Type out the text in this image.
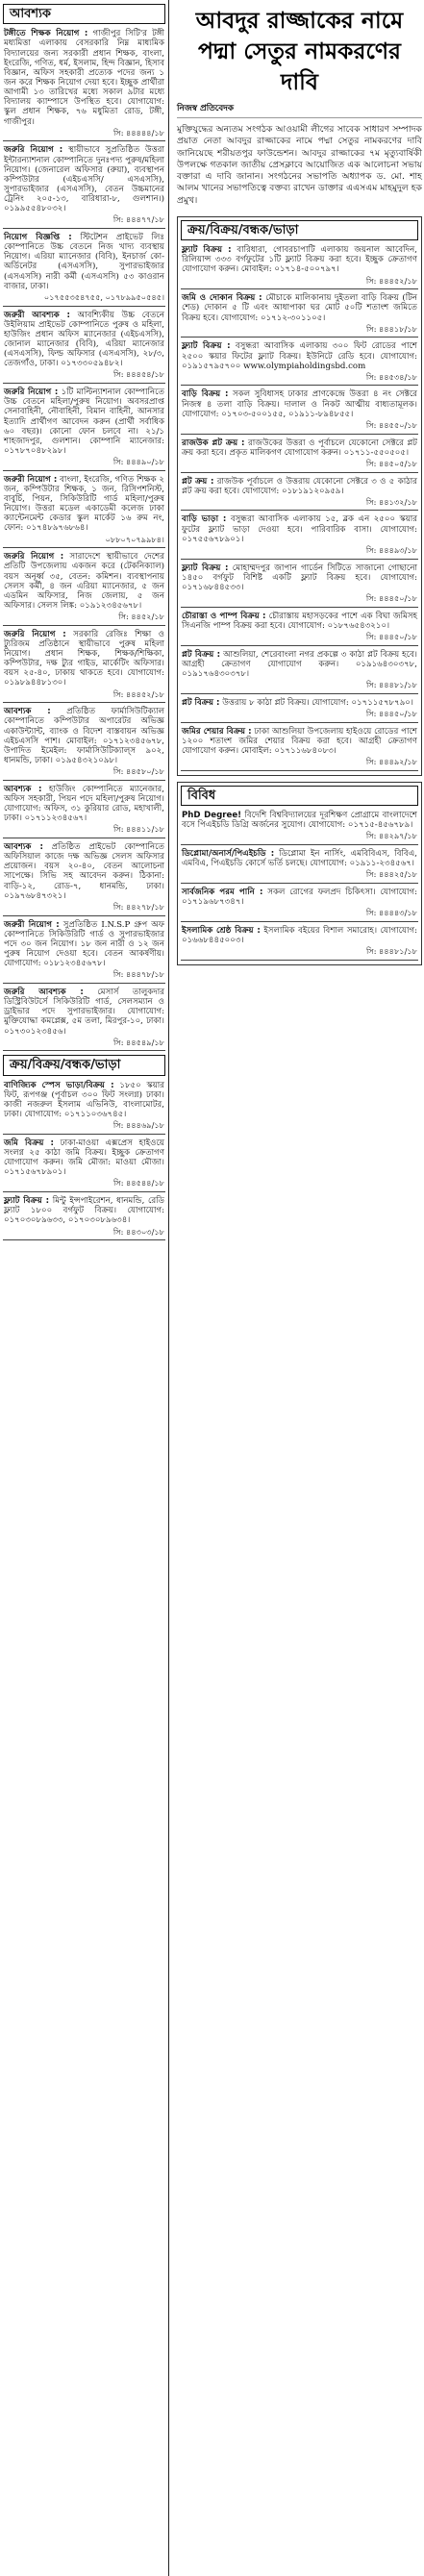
আবশ্যক
টঙ্গীতে শিক্ষক নিয়োগ : গাজীপুর সিটি'র টঙ্গী মধ্যমিত্তা এলাকায় বেসরকারি নিম্ন মাধ্যমিক বিদ্যালয়ের জন্য সরকারী প্রধান শিক্ষক, বাংলা, ইংরেজি, গণিত, ধর্ম, ইসলাম, হিন্দ বিজ্ঞান, হিসাব বিজ্ঞান, অফিস সহকারী প্রত্যেক পদের জন্য ১ জন করে শিক্ষক নিয়োগ দেয়া হবে। ইচ্ছুক প্রার্থীরা আগামী ১৩ তারিখের মধ্যে সকাল ৯টার মধ্যে বিদ্যালয় ক্যাম্পাসে উপস্থিত হবে। যোগাযোগ: স্কুল প্রধান শিক্ষক, ৭৬ মধুমিতা রোড, টঙ্গী, গাজীপুর।
সি: ৪৪৪৪৪/১৮
জরুরি নিয়োগ : স্থায়ীভাবে সুপ্রতিষ্ঠিত উত্তরা ইন্টারন্যাশনাল কোম্পানিতে দুনঃপদ্য পুরুষ/মহিলা নিয়োগ। (জেনারেল অফিসার (রুয়া), ব্যবস্থাপন কম্পিউটার (এইচএসসি/ এসএসসি), সুপারভাইজার (এসএসসি), বেতন উচ্চমানের ট্রেনিং ২০৫-১৩, বারিধারা-৮, গুলশান।) ০১৯৯৫৫৪৮০৩২।
সি: ৪৪৪৭৭/১৮
নিয়োগ বিজ্ঞপ্তি : স্টিটেশন প্রাইভেট লিঃ কোম্পানিতে উচ্চ বেতনে নিজ খাদ্য ব্যবস্থায় নিয়োগ। এরিয়া ম্যানেজার (বিবি), ইনচার্জ কো-অর্ডিনেটর (এসএসসি), সুপারভাইজার (এসএসসি) নারী কর্মী (এসএসসি) ৫৩ কাওরান বাজার, ঢাকা।
০১৭৫৫৩৫৪৭৫৫, ০১৭৮৯৯৫০৫৪৫।
জরুরী আবশ্যক : আবশ্যিকীয় উচ্চ বেতনে উইলিয়াম প্রাইভেট কোম্পানিতে পুরুষ ও মহিলা, হাউজিং প্রধান অফিস ম্যানেজার (এইচএসসি), জোনাল ম্যানেজার (বিবি), এরিয়া ম্যানেজার (এসএসসি), ফিল্ড অফিসার (এসএসসি), ২৮/৩, তেজগাঁও, ঢাকা। ০১৭৩৩০৫৯৪৮২।
সি: ৪৪৪৫৪/১৮
জরুরি নিয়োগ : ১টি মাল্টিন্যাশনাল কোম্পানিতে উচ্চ বেতনে মহিলা/পুরুষ নিয়োগ। অবসরপ্রাপ্ত সেনাবাহিনী, নৌবাহিনী, বিমান বাহিনী, আনসার ইত্যাদি প্রার্থীগণ আবেদন করুন (প্রার্থী সর্বাধিক ৬০ বছর)। কোনো ফোন চলবে না। ২১/১ শাহজাদপুর, গুলশান। কোম্পানি ম্যানেজার: ০১৭৮৭০৪৮২৯৮।
সি: ৪৪৪৯০/১৮
জরুরী নিয়োগ : বাংলা, ইংরেজি, গণিত শিক্ষক ২ জন, কম্পিউটার শিক্ষক, ১ জন, রিসিপশনিস্ট, বাবুর্চি, পিয়ন, সিকিউরিটি গার্ড মহিলা/পুরুষ নিয়োগ। উত্তরা মডেল একাডেমী কলেজ ঢাকা ক্যান্টেনমেন্ট কেডার স্কুল মার্কেট ১৬ রুম নং, ফোন: ০১৭৪৮৯৭৬৮৬৪।
০৮৮০৭০৭৯৯৮৪।
জরুরি নিয়োগ : সারাদেশে স্থায়ীভাবে দেশের প্রতিটি উপজেলায় একজন করে (টেকনিক্যাল) বয়স অনূর্ধ্ব ৩৫, বেতন: কমিশন। ব্যবস্থাপনায় সেলস কর্মী, ৪ জন এরিয়া ম্যানেজার, ৫ জন এডমিন অফিসার, নিজ জেলায়, ৫ জন অফিসার। সেলস লিঙ্ক: ০১৯১২৩৪৫৬৭৮।
সি: ৪৪৫২/১৮
জরুরি নিয়োগ : সরকারি রেজিঃ শিক্ষা ও ট্যুরিজম প্রতিষ্ঠানে স্থায়ীভাবে পুরুষ মহিলা নিয়োগ। প্রধান শিক্ষক, শিক্ষক/শিক্ষিকা, কম্পিউটার, দক্ষ ট্যুর গাইড, মার্কেটিং অফিসার। বয়স ২৫-৪০, ঢাকায় থাকতে হবে। যোগাযোগ: ০১৯৮৯৪৪৮১৩০।
সি: ৪৪৪৫২/১৮
আবশ্যক : প্রতিষ্ঠিত ফার্মাসিউটিক্যাল কোম্পানিতে কম্পিউটার অপারেটর অভিজ্ঞ একাউন্ট্যান্ট, ব্যাংক ও বিদেশ বাস্তবায়ন অভিজ্ঞ এইচএসসি পাশ। মোবাইল: ০১৭১২৩৪৫৬৭৮, উপাদিত ইমেইল: ফার্মাসিউটিক্যাল্স ৯০২, ধানমন্ডি, ঢাকা। ০১৯৫৪৩২১০৯৮।
সি: ৪৪৫৮০/১৮
আবশ্যক : হাউজিং কোম্পানিতে ম্যানেজার, অফিস সহকারী, পিয়ন পদে মহিলা/পুরুষ নিয়োগ। যোগাযোগ: অফিস, ৩১ কুরিয়ার রোড, মহাখালী, ঢাকা। ০১৭১১২৩৪৫৬৭।
সি: ৪৪৪১১/১৮
আবশ্যক : প্রতিষ্ঠিত প্রাইভেট কোম্পানিতে অফিসিয়াল কাজে দক্ষ অভিজ্ঞ সেলস অফিসার প্রয়োজন। বয়স ২০-৪০, বেতন আলোচনা সাপেক্ষে। সিভি সহ আবেদন করুন। ঠিকানা: বাড়ি-১২, রোড-৭, ধানমন্ডি, ঢাকা। ০১৯৭৬৮৪৭৩২১।
সি: ৪৪২৭৮/১৮
জরুরী নিয়োগ : সুপ্রতিষ্ঠিত I.N.S.P গ্রুপ অফ কোম্পানিতে সিকিউরিটি গার্ড ও সুপারভাইজার পদে ৩০ জন নিয়োগ। ১৮ জন নারী ও ১২ জন পুরুষ নিয়োগ দেওয়া হবে। বেতন আকর্ষণীয়। যোগাযোগ: ০১৮১২৩৪৫৬৭৮।
সি: ৪৪৪৭৮/১৮
জরুরি আবশ্যক : মেসার্স তালুকদার ডিস্ট্রিবিউটর্সে সিকিউরিটি গার্ড, সেলসম্যান ও ড্রাইভার পদে সুপারভাইজার। যোগাযোগ: মুক্তিযোদ্ধা কমপ্লেক্স, ৫ম তলা, মিরপুর-১০, ঢাকা। ০১৭৩০১২৩৪৫৬।
সি: ৪৪৫৪৯/১৮
ক্রয়/বিক্রয়/বন্ধক/ভাড়া
বাণিজ্যিক স্পেস ভাড়া/বিক্রয় : ১৮৫০ স্কয়ার ফিট, রূপগঞ্জ (পূর্বাচল ৩০০ ফিট সংলগ্ন) ঢাকা। কাজী নজরুল ইসলাম এভিনিউ, বাংলামোটর, ঢাকা। যোগাযোগ: ০১৭১১০৩৬৭৪৫।
সি: ৪৪৪৬৯/১৮
জমি বিক্রয় : ঢাকা-মাওয়া এক্সপ্রেস হাইওয়ে সংলগ্ন ২৫ কাঠা জমি বিক্রয়। ইচ্ছুক ক্রেতাগণ যোগাযোগ করুন। জমি মৌজা: মাওয়া মৌজা। ০১৭১৫৬৭৮৯০১।
সি: ৪৪৫৪৪/১৮
ফ্ল্যাট বিক্রয় : মিন্টু ইন্সপাইরেশন, ধানমন্ডি, রেডি ফ্ল্যাট ১৮০০ বর্গফুট বিক্রয়। যোগাযোগ: ০১৭০৩০৮৯৬৩৩, ০১৭০৩০৮৯৬৩৪।
সি: ৪৪৩০৩/১৮
আবদুর রাজ্জাকের নামে পদ্মা সেতুর নামকরণের দাবি
নিজস্ব প্রতিবেদক
মুক্তিযুদ্ধের অন্যতম সংগঠক আওয়ামী লীগের সাবেক সাধারণ সম্পাদক প্রয়াত নেতা আবদুর রাজ্জাকের নামে পদ্মা সেতুর নামকরণের দাবি জানিয়েছে শরীয়তপুর ফাউন্ডেশন। আবদুর রাজ্জাকের ৭ম মৃত্যুবার্ষিকী উপলক্ষে গতকাল জাতীয় প্রেসক্লাবে আয়োজিত এক আলোচনা সভায় বক্তারা এ দাবি জানান। সংগঠনের সভাপতি অধ্যাপক ড. মো. শাহ আলম খানের সভাপতিত্বে বক্তব্য রাখেন ডাক্তার এএসএম মাহমুদুল হক প্রমুখ।
ক্রয়/বিক্রয়/বন্ধক/ভাড়া
ফ্ল্যাট বিক্রয় : বারিধারা, গোবরচাপাটি এলাকায় জয়নাল আবেদিন, রিলিয়ান্স ৩৩৩ বর্গফুটের ১টি ফ্ল্যাট বিক্রয় করা হবে। ইচ্ছুক ক্রেতাগণ যোগাযোগ করুন। মোবাইল: ০১৭১৪-৫০০৭৯৭।
সি: ৪৪৪৫২/১৮
জমি ও দোকান বিক্রয় : মৌচাকে মালিকানায় দুইতলা বাড়ি বিক্রয় (টিন শেড) দোকান ৫ টি এবং আধাপাকা ঘর মোট ৫০টি শতাংশ জমিতে বিক্রয় হবে। যোগাযোগ: ০১৭১২-৩০১১০৫।
সি: ৪৪৪১৮/১৮
ফ্ল্যাট বিক্রয় : বসুন্ধরা আবাসিক এলাকায় ৩০০ ফিট রোডের পাশে ২৫০০ স্কয়ার ফিটের ফ্ল্যাট বিক্রয়। ইউনিটে রেডি হবে। যোগাযোগ: ০১৯১৫৭৯৫৭০০ www.olympiaholdingsbd.com
সি: ৪৪৫৩৪/১৮
বাড়ি বিক্রয় : সকল সুবিধাসহ ঢাকার প্রাণকেন্দ্রে উত্তরা ৪ নং সেক্টরে নিজস্ব ৪ তলা বাড়ি বিক্রয়। দালাল ও নিকট আত্মীয় বাধ্যতামূলক। যোগাযোগ: ০১৭০৩-৫০০১৫৫, ০১৯১১-৮৯৪৮৫৫।
সি: ৪৪৫৫০/১৮
রাজউক প্লট ক্রয় : রাজউকের উত্তরা ও পূর্বাচলে যেকোনো সেক্টরে প্লট ক্রয় করা হবে। প্রকৃত মালিকগণ যোগাযোগ করুন। ০১৭১১-৫৫০৫০৫।
সি: ৪৪৫০৫/১৮
প্লট ক্রয় : রাজউক পূর্বাচলে ও উত্তরায় যেকোনো সেক্টরে ৩ ও ৫ কাঠার প্লট ক্রয় করা হবে। যোগাযোগ: ০১৮১৯১২০৯৫৯।
সি: ৪৪১৩২/১৮
বাড়ি ভাড়া : বসুন্ধরা আবাসিক এলাকায় ১৫, ব্লক এন ২৫০০ স্কয়ার ফুটের ফ্ল্যাট ভাড়া দেওয়া হবে। পারিবারিক বাসা। যোগাযোগ: ০১৭৫৫৬৭৮৯০১।
সি: ৪৪৪৯৩/১৮
ফ্ল্যাট বিক্রয় : মোহাম্মদপুর জাপান গার্ডেন সিটিতে সাজানো গোছানো ১৪৫০ বর্গফুট বিশিষ্ট একটি ফ্ল্যাট বিক্রয় হবে। যোগাযোগ: ০১৭১৬৮৪৪৫৩৩।
সি: ৪৪৪৫০/১৮
চৌরাস্তা ও পাম্প বিক্রয় : চৌরাস্তায় মহাসড়কের পাশে এক বিঘা জমিসহ সিএনজি পাম্প বিক্রয় করা হবে। যোগাযোগ: ০১৮৭৬৫৪৩২১০।
সি: ৪৪৪৫০/১৮
প্লট বিক্রয় : আশুলিয়া, শেরেবাংলা নগর প্রকল্পে ৩ কাঠা প্লট বিক্রয় হবে। আগ্রহী ক্রেতাগণ যোগাযোগ করুন। ০১৯১৬৪৩০৩৭৮, ০১৯১৭৬৪৩০৩৭৮।
সি: ৪৪৪৮১/১৮
প্লট বিক্রয় : উত্তরায় ৮ কাঠা প্লট বিক্রয়। যোগাযোগ: ০১৭১১৫৭৮৭৯০।
সি: ৪৪৪৫০/১৮
জমির শেয়ার বিক্রয় : ঢাকা আশুলিয়া উপজেলায় হাইওয়ে রোডের পাশে ১২০০ শতাংশ জমির শেয়ার বিক্রয় করা হবে। আগ্রহী ক্রেতাগণ যোগাযোগ করুন। মোবাইল: ০১৭১১৬৮৪০৮৩।
সি: ৪৪৪৯২/১৮
বিবিধ
PhD Degree! বিদেশি বিশ্ববিদ্যালয়ের দূরশিক্ষণ প্রোগ্রামে বাংলাদেশে বসে পিএইচডি ডিগ্রি অর্জনের সুযোগ। যোগাযোগ: ০১৭১৫-৪৫৬৭৮৯।
সি: ৪৪২৯৭/১৮
ডিপ্লোমা/অনার্স/পিএইচডি : ডিপ্লোমা ইন নার্সিং, এমবিবিএস, বিবিএ, এমবিএ, পিএইচডি কোর্সে ভর্তি চলছে। যোগাযোগ: ০১৯১১-২৩৪৫৬৭।
সি: ৪৪৪২৫/১৮
সার্বজনিক পরম পানি : সকল রোগের ফলপ্রদ চিকিৎসা। যোগাযোগ: ০১৭১৯৬৮৭৩৪৭।
সি: ৪৪৪৪৩/১৮
ইসলামিক শ্রেষ্ঠ বিক্রয় : ইসলামিক বইয়ের বিশাল সমারোহ। যোগাযোগ: ০১৬৬৮৪৪৫০০৩।
সি: ৪৪৪৮১/১৮
